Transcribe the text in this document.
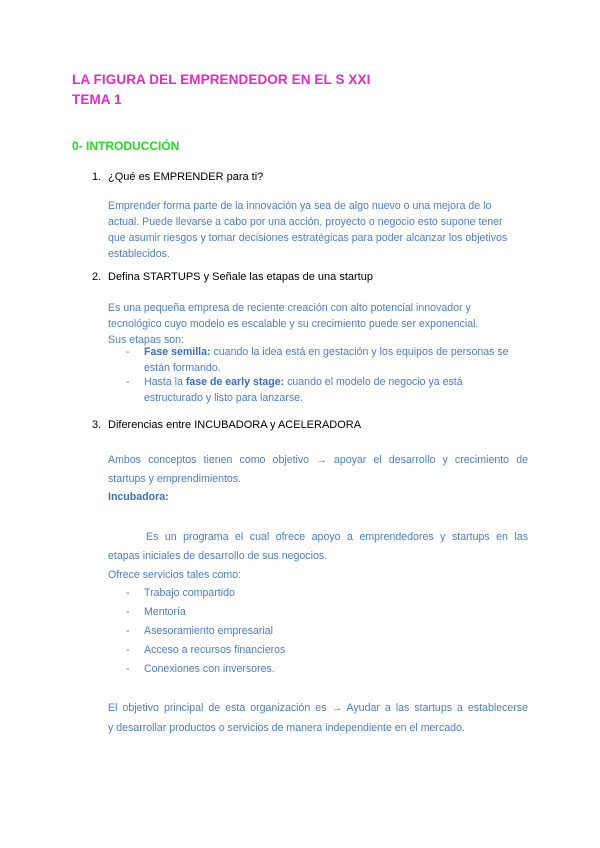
LA FIGURA DEL EMPRENDEDOR EN EL S XXI
TEMA 1
0- INTRODUCCIÓN
1. ¿Qué es EMPRENDER para ti?
Emprender forma parte de la innovación ya sea de algo nuevo o una mejora de lo
actual. Puede llevarse a cabo por una acción, proyecto o negocio esto supone tener
que asumir riesgos y tomar decisiones estratégicas para poder alcanzar los objetivos
establecidos.
2. Defina STARTUPS y Señale las etapas de una startup
Es una pequeña empresa de reciente creación con alto potencial innovador y
tecnológico cuyo modelo es escalable y su crecimiento puede ser exponencial.
Sus etapas son:
- Fase semilla: cuando la idea está en gestación y los equipos de personas se
están formando.
- Hasta la fase de early stage: cuando el modelo de negocio ya está
estructurado y listo para lanzarse.
3. Diferencias entre INCUBADORA y ACELERADORA
Ambos conceptos tienen como objetivo → apoyar el desarrollo y crecimiento de
startups y emprendimientos.
Incubadora:
Es un programa el cual ofrece apoyo a emprendedores y startups en las
etapas iniciales de desarrollo de sus negocios.
Ofrece servicios tales como:
- Trabajo compartido
- Mentoría
- Asesoramiento empresarial
- Acceso a recursos financieros
- Conexiones con inversores.
El objetivo principal de esta organización es → Ayudar a las startups a establecerse
y desarrollar productos o servicios de manera independiente en el mercado.
